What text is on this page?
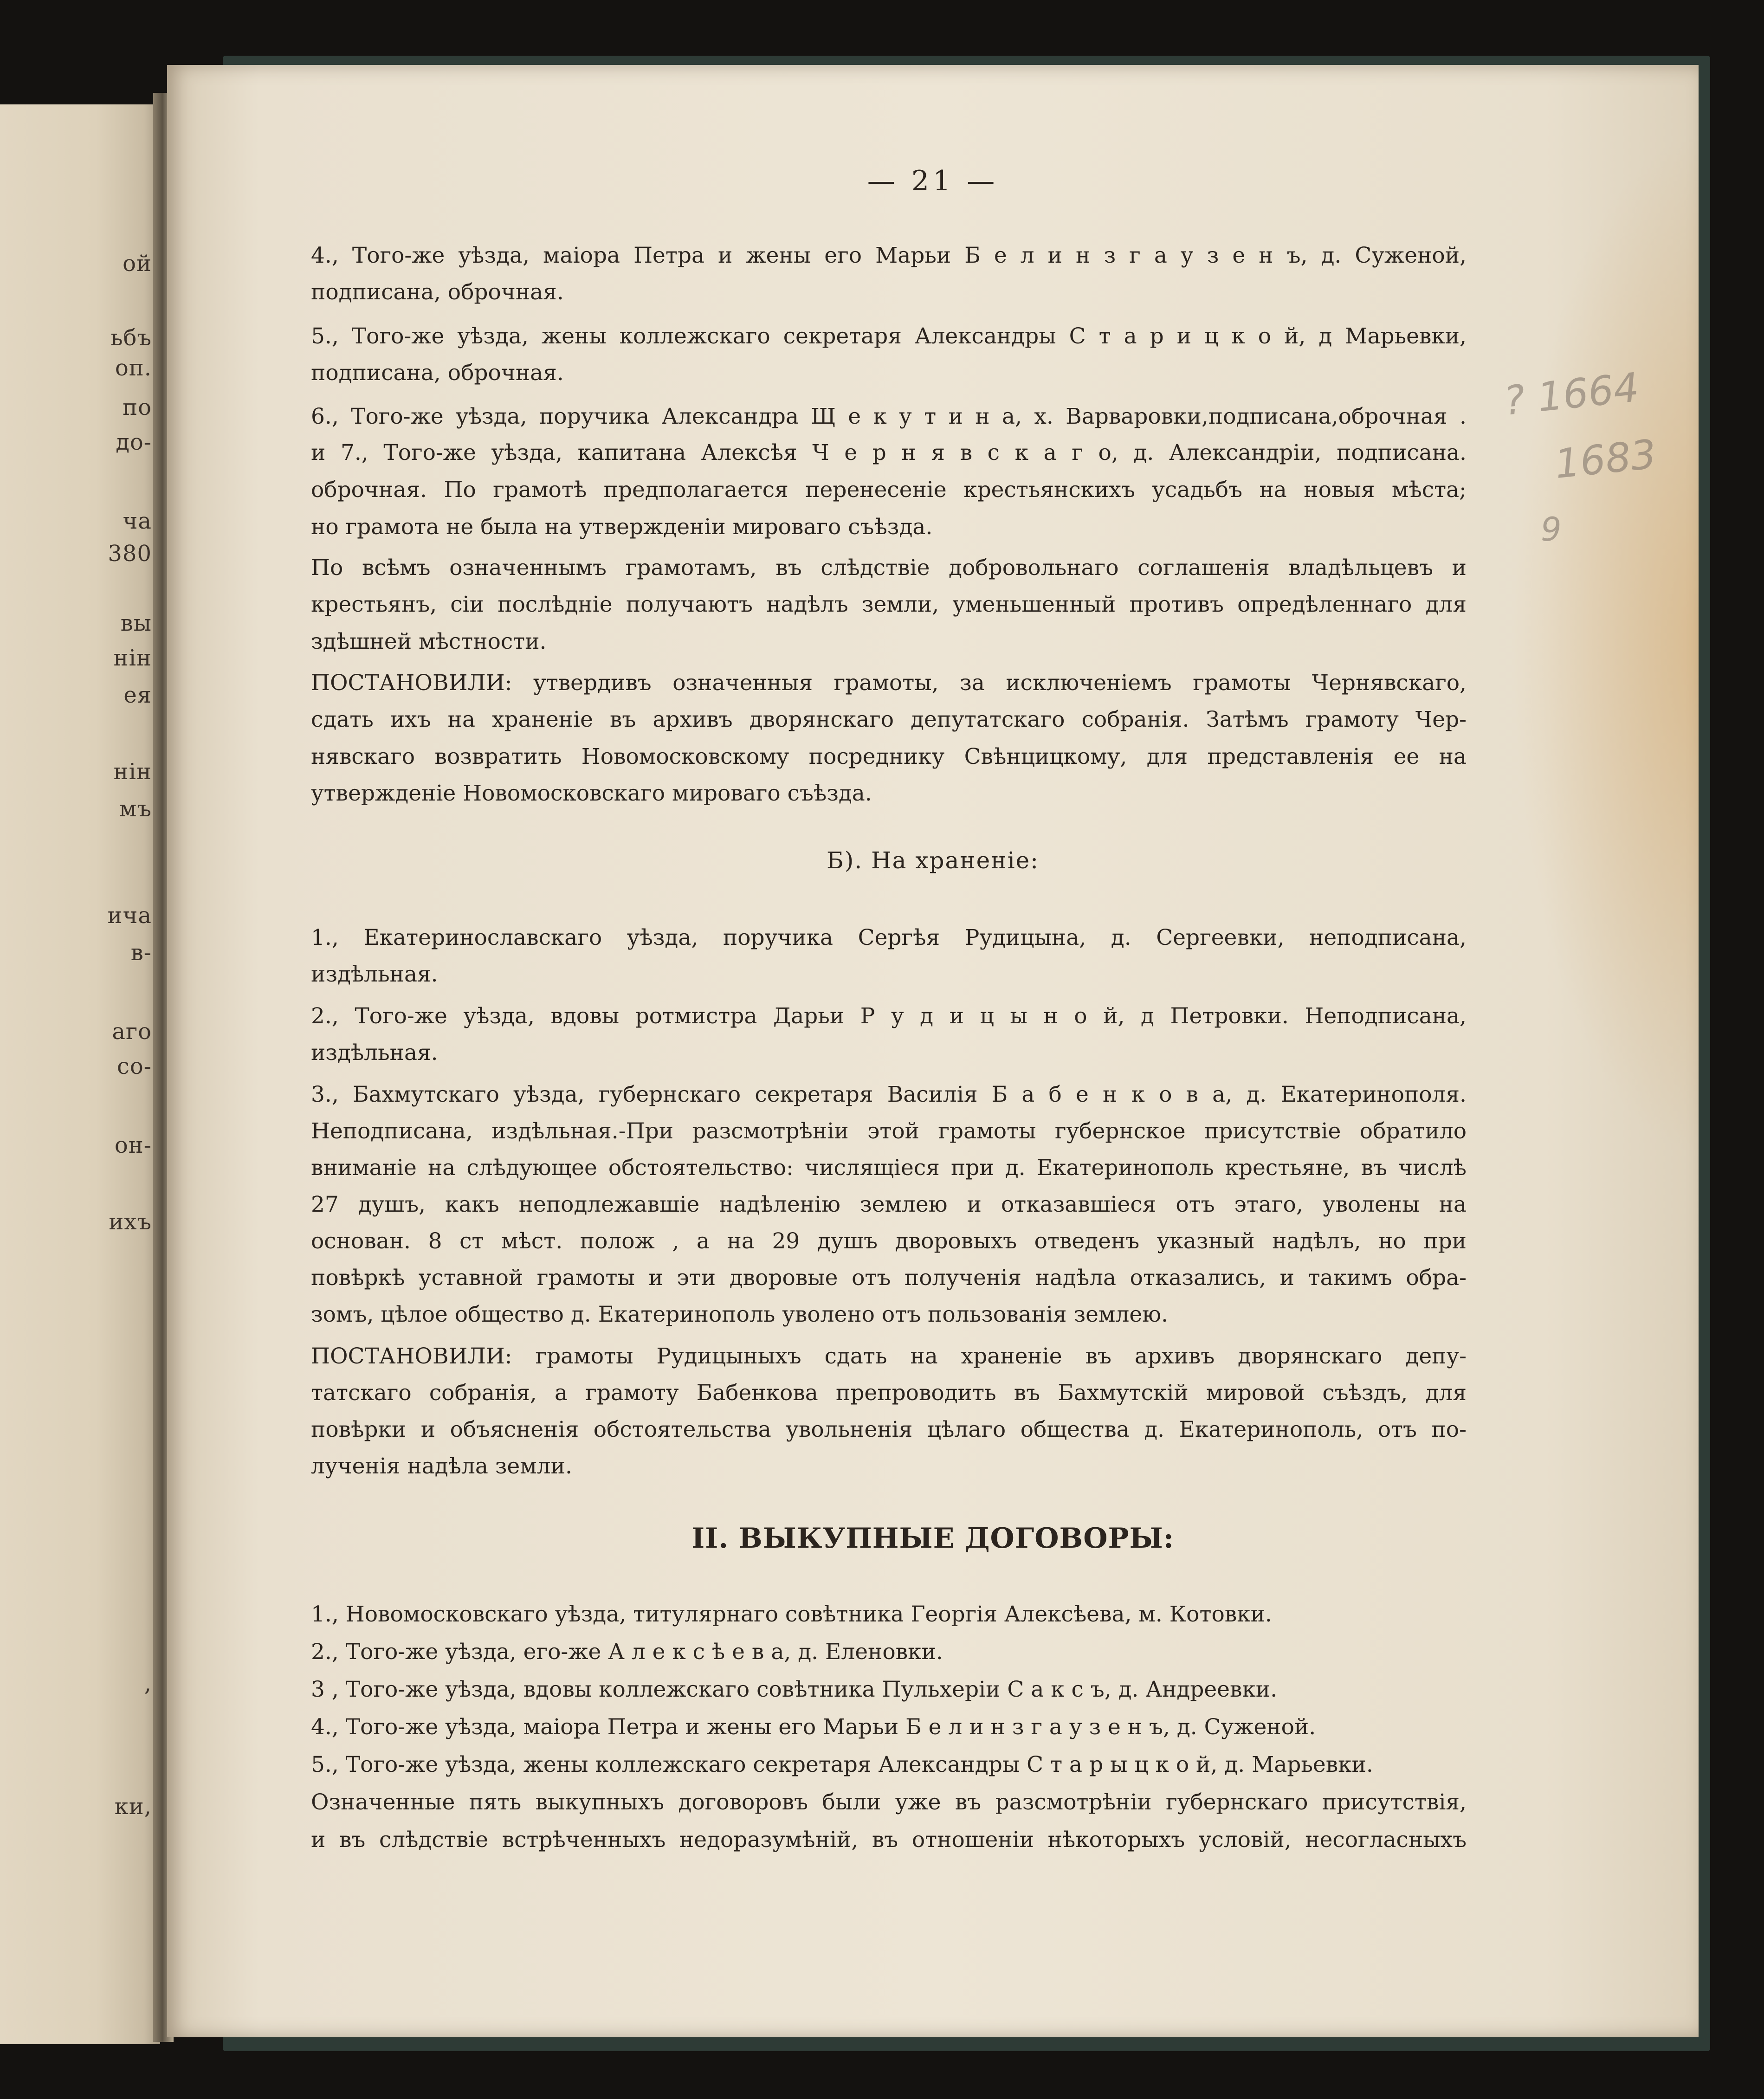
ой
ьбъ
оп.
по
до-
ча
380
вы
нін
ея
нін
мъ
ича
в-
аго
со-
он-
ихъ
,
ки,
— 21 —
? 1664
1683
9
4., Того-же уѣзда, маіора Петра и жены его Марьи Б е л и н з г а у з е н ъ, д. Суженой,
подписана, оброчная.
5., Того-же уѣзда, жены коллежскаго секретаря Александры С т а р и ц к о й, д Марьевки,
подписана, оброчная.
6., Того-же уѣзда, поручика Александра Щ е к у т и н а, х. Варваровки,подписана,оброчная .
и 7., Того-же уѣзда, капитана Алексѣя Ч е р н я в с к а г о, д. Александріи, подписана.
оброчная. По грамотѣ предполагается перенесеніе крестьянскихъ усадьбъ на новыя мѣста;
но грамота не была на утвержденіи мироваго съѣзда.
По всѣмъ означеннымъ грамотамъ, въ слѣдствіе добровольнаго соглашенія владѣльцевъ и
крестьянъ, сіи послѣдніе получаютъ надѣлъ земли, уменьшенный противъ опредѣленнаго для
здѣшней мѣстности.
ПОСТАНОВИЛИ: утвердивъ означенныя грамоты, за исключеніемъ грамоты Чернявскаго,
сдать ихъ на храненіе въ архивъ дворянскаго депутатскаго собранія. Затѣмъ грамоту Чер-
нявскаго возвратить Новомосковскому посреднику Свѣнцицкому, для представленія ее на
утвержденіе Новомосковскаго мироваго съѣзда.
Б). На храненіе:
1., Екатеринославскаго уѣзда, поручика Сергѣя Рудицына, д. Сергеевки, неподписана,
издѣльная.
2., Того-же уѣзда, вдовы ротмистра Дарьи Р у д и ц ы н о й, д Петровки. Неподписана,
издѣльная.
3., Бахмутскаго уѣзда, губернскаго секретаря Василія Б а б е н к о в а, д. Екатеринополя.
Неподписана, издѣльная.-При разсмотрѣніи этой грамоты губернское присутствіе обратило
вниманіе на слѣдующее обстоятельство: числящіеся при д. Екатеринополь крестьяне, въ числѣ
27 душъ, какъ неподлежавшіе надѣленію землею и отказавшіеся отъ этаго, уволены на
основан. 8 ст мѣст. полож , а на 29 душъ дворовыхъ отведенъ указный надѣлъ, но при
повѣркѣ уставной грамоты и эти дворовые отъ полученія надѣла отказались, и такимъ обра-
зомъ, цѣлое общество д. Екатеринополь уволено отъ пользованія землею.
ПОСТАНОВИЛИ: грамоты Рудицыныхъ сдать на храненіе въ архивъ дворянскаго депу-
татскаго собранія, а грамоту Бабенкова препроводить въ Бахмутскій мировой съѣздъ, для
повѣрки и объясненія обстоятельства увольненія цѣлаго общества д. Екатеринополь, отъ по-
лученія надѣла земли.
II. ВЫКУПНЫЕ ДОГОВОРЫ:
1., Новомосковскаго уѣзда, титулярнаго совѣтника Георгія Алексѣева, м. Котовки.
2., Того-же уѣзда, его-же А л е к с ѣ е в а, д. Еленовки.
3 , Того-же уѣзда, вдовы коллежскаго совѣтника Пульхеріи С а к с ъ, д. Андреевки.
4., Того-же уѣзда, маіора Петра и жены его Марьи Б е л и н з г а у з е н ъ, д. Суженой.
5., Того-же уѣзда, жены коллежскаго секретаря Александры С т а р ы ц к о й, д. Марьевки.
Означенные пять выкупныхъ договоровъ были уже въ разсмотрѣніи губернскаго присутствія,
и въ слѣдствіе встрѣченныхъ недоразумѣній, въ отношеніи нѣкоторыхъ условій, несогласныхъ
